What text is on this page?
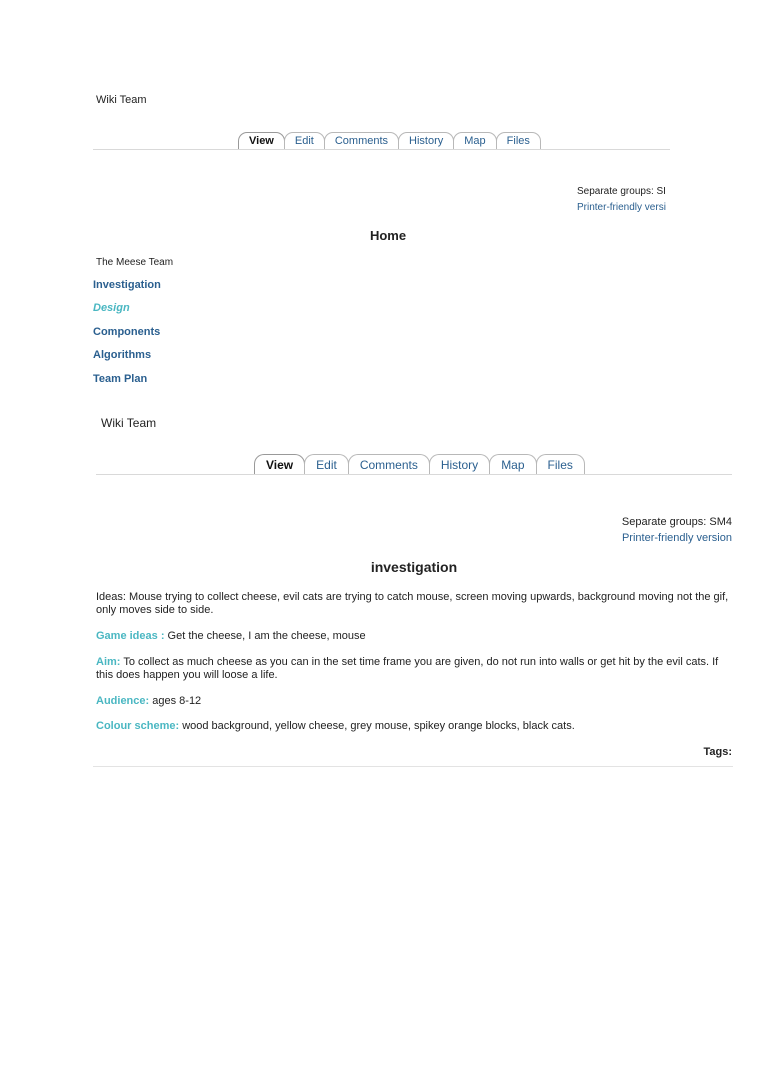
Wiki Team
View	Edit	Comments	History	Map	Files
Separate groups: SI
Printer-friendly versi
Home
The Meese Team
Investigation
Design
Components
Algorithms
Team Plan
Wiki Team
View	Edit	Comments	History	Map	Files
Separate groups: SM4
Printer-friendly version
investigation
Ideas: Mouse trying to collect cheese, evil cats are trying to catch mouse, screen moving upwards, background moving not the gif, only moves side to side.
Game ideas : Get the cheese, I am the cheese, mouse
Aim: To collect as much cheese as you can in the set time frame you are given, do not run into walls or get hit by the evil cats. If this does happen you will loose a life.
Audience: ages 8-12
Colour scheme: wood background, yellow cheese, grey mouse, spikey orange blocks, black cats.
Tags:
